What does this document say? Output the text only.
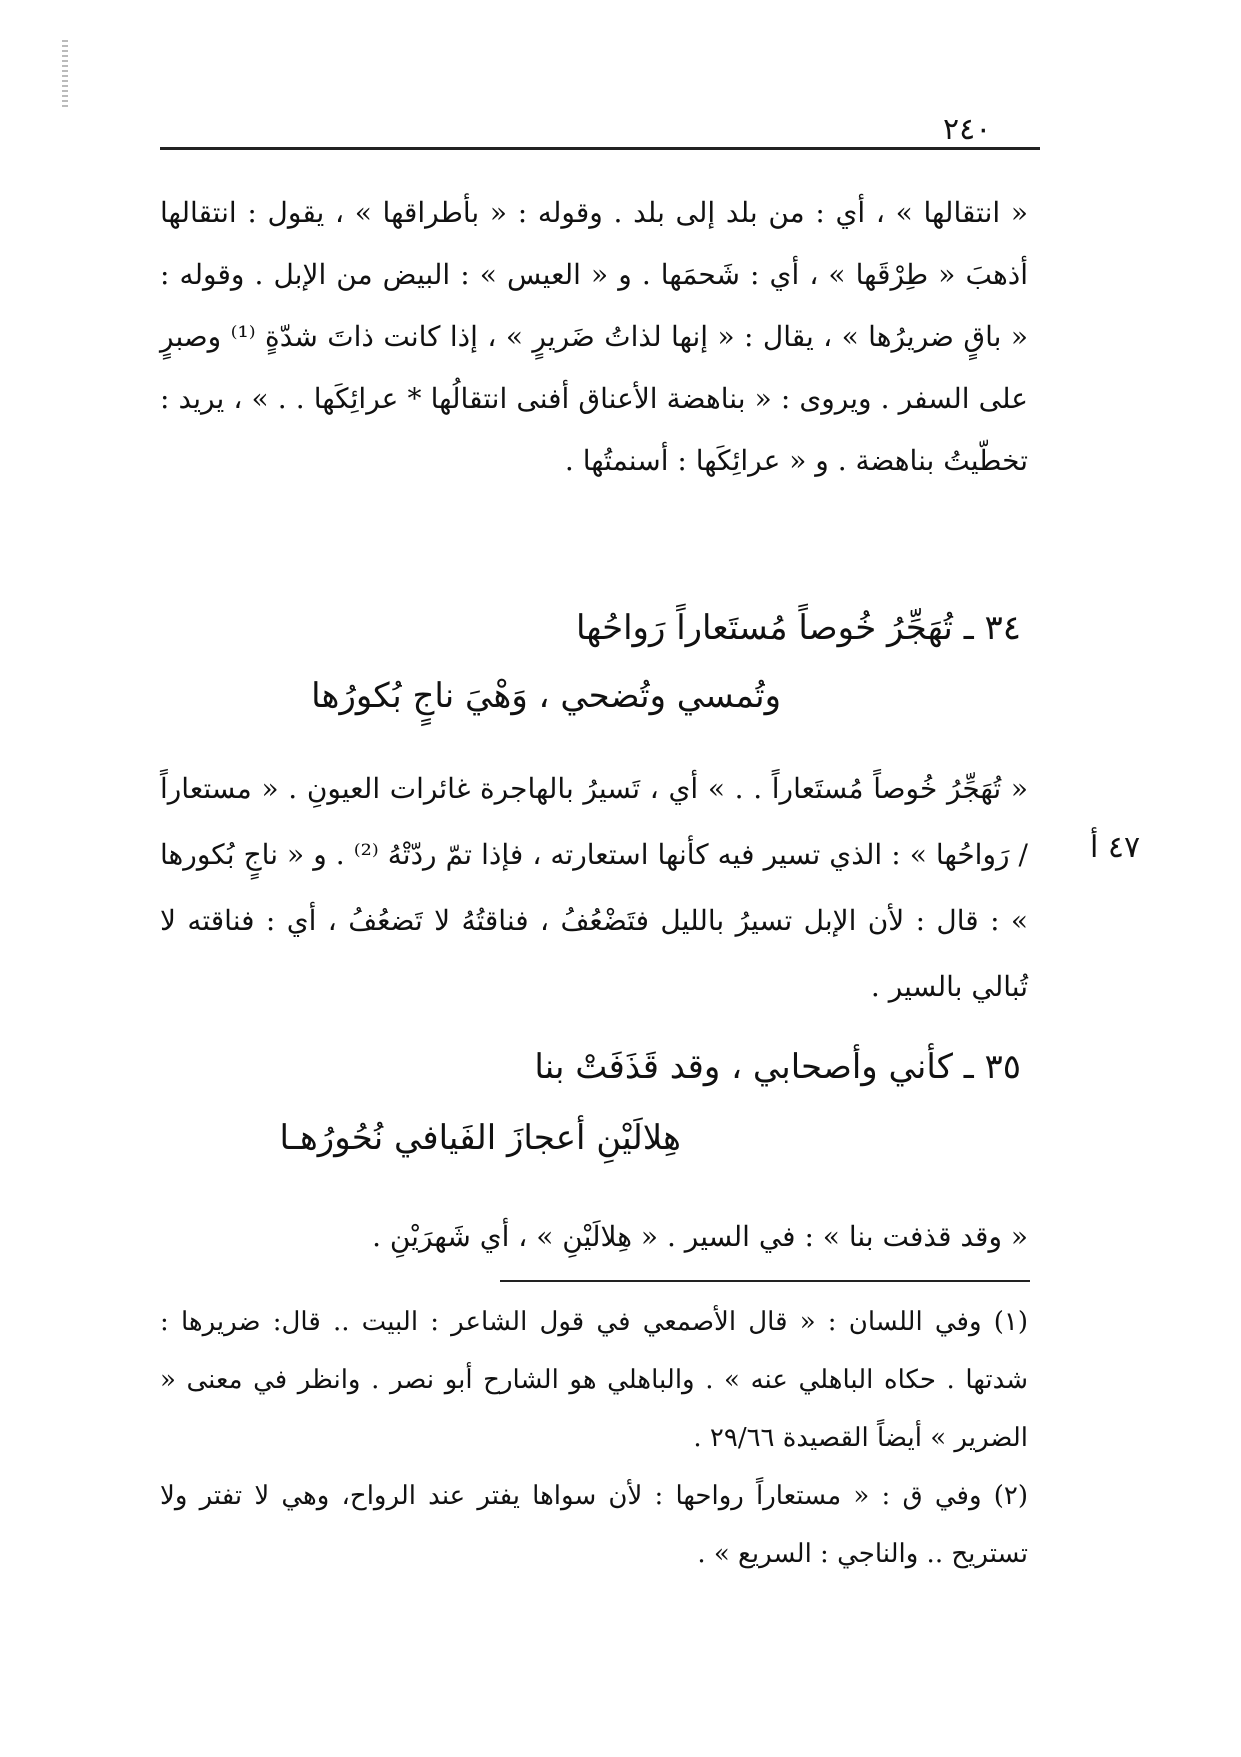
٢٤٠

« انتقالها » ، أي : من بلد إلى بلد . وقوله : « بأطراقها » ، يقول : انتقالها أذهبَ « طِرْقَها » ، أي : شَحمَها . و « العيس » : البيض من الإبل . وقوله : « باقٍ ضريرُها » ، يقال : « إنها لذاتُ ضَريرٍ » ، إذا كانت ذاتَ شدّةٍ ⁽¹⁾ وصبرٍ على السفر . ويروى : « بناهضة الأعناق أفنى انتقالُها * عرائِكَها . . » ، يريد : تخطّيتُ بناهضة . و « عرائِكَها : أسنمتُها .

٣٤ ـ تُهَجِّرُ خُوصاً مُستَعاراً رَواحُها

وتُمسي وتُضحي ، وَهْيَ ناجٍ بُكورُها

« تُهَجِّرُ خُوصاً مُستَعاراً . . » أي ، تَسيرُ بالهاجرة غائرات العيونِ . « مستعاراً / رَواحُها » : الذي تسير فيه كأنها استعارته ، فإذا تمّ ردّتْهُ ⁽²⁾ . و « ناجٍ بُكورها » : قال : لأن الإبل تسيرُ بالليل فتَضْعُفُ ، فناقتُهُ لا تَضعُفُ ، أي : فناقته لا تُبالي بالسير .

٤٧ أ

٣٥ ـ كأني وأصحابي ، وقد قَذَفَتْ بنا

هِلالَيْنِ أعجازَ الفَيافي نُحُورُهـا

« وقد قذفت بنا » : في السير . « هِلالَيْنِ » ، أي شَهرَيْنِ .

(١) وفي اللسان : « قال الأصمعي في قول الشاعر : البيت .. قال: ضريرها : شدتها . حكاه الباهلي عنه » . والباهلي هو الشارح أبو نصر . وانظر في معنى « الضرير » أيضاً القصيدة ٢٩/٦٦ .

(٢) وفي ق : « مستعاراً رواحها : لأن سواها يفتر عند الرواح، وهي لا تفتر ولا تستريح .. والناجي : السريع » .
